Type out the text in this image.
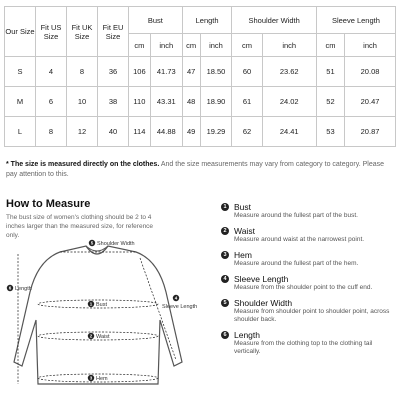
Our Size	Fit US Size	Fit UK Size	Fit EU Size	Bust		Length		Shoulder Width		Sleeve Length	
				cm	inch	cm	inch	cm	inch	cm	inch
S	4	8	36	106	41.73	47	18.50	60	23.62	51	20.08
M	6	10	38	110	43.31	48	18.90	61	24.02	52	20.47
L	8	12	40	114	44.88	49	19.29	62	24.41	53	20.87
* The size is measured directly on the clothes. And the size measurements may vary from category to category. Please pay attention to this.
How to Measure
The bust size of women's clothing should be 2 to 4 inches larger than the measured size, for reference only.
5 Shoulder Width
6 Length
1 Bust
2 Waist
4
Sleeve Length
3 Hem
1 Bust
Measure around the fullest part of the bust.
2 Waist
Measure around waist at the narrowest point.
3 Hem
Measure around the fullest part of the hem.
4 Sleeve Length
Measure from the shoulder point to the cuff end.
5 Shoulder Width
Measure from shoulder point to shoulder point, across shoulder back.
6 Length
Measure from the clothing top to the clothing tail vertically.
